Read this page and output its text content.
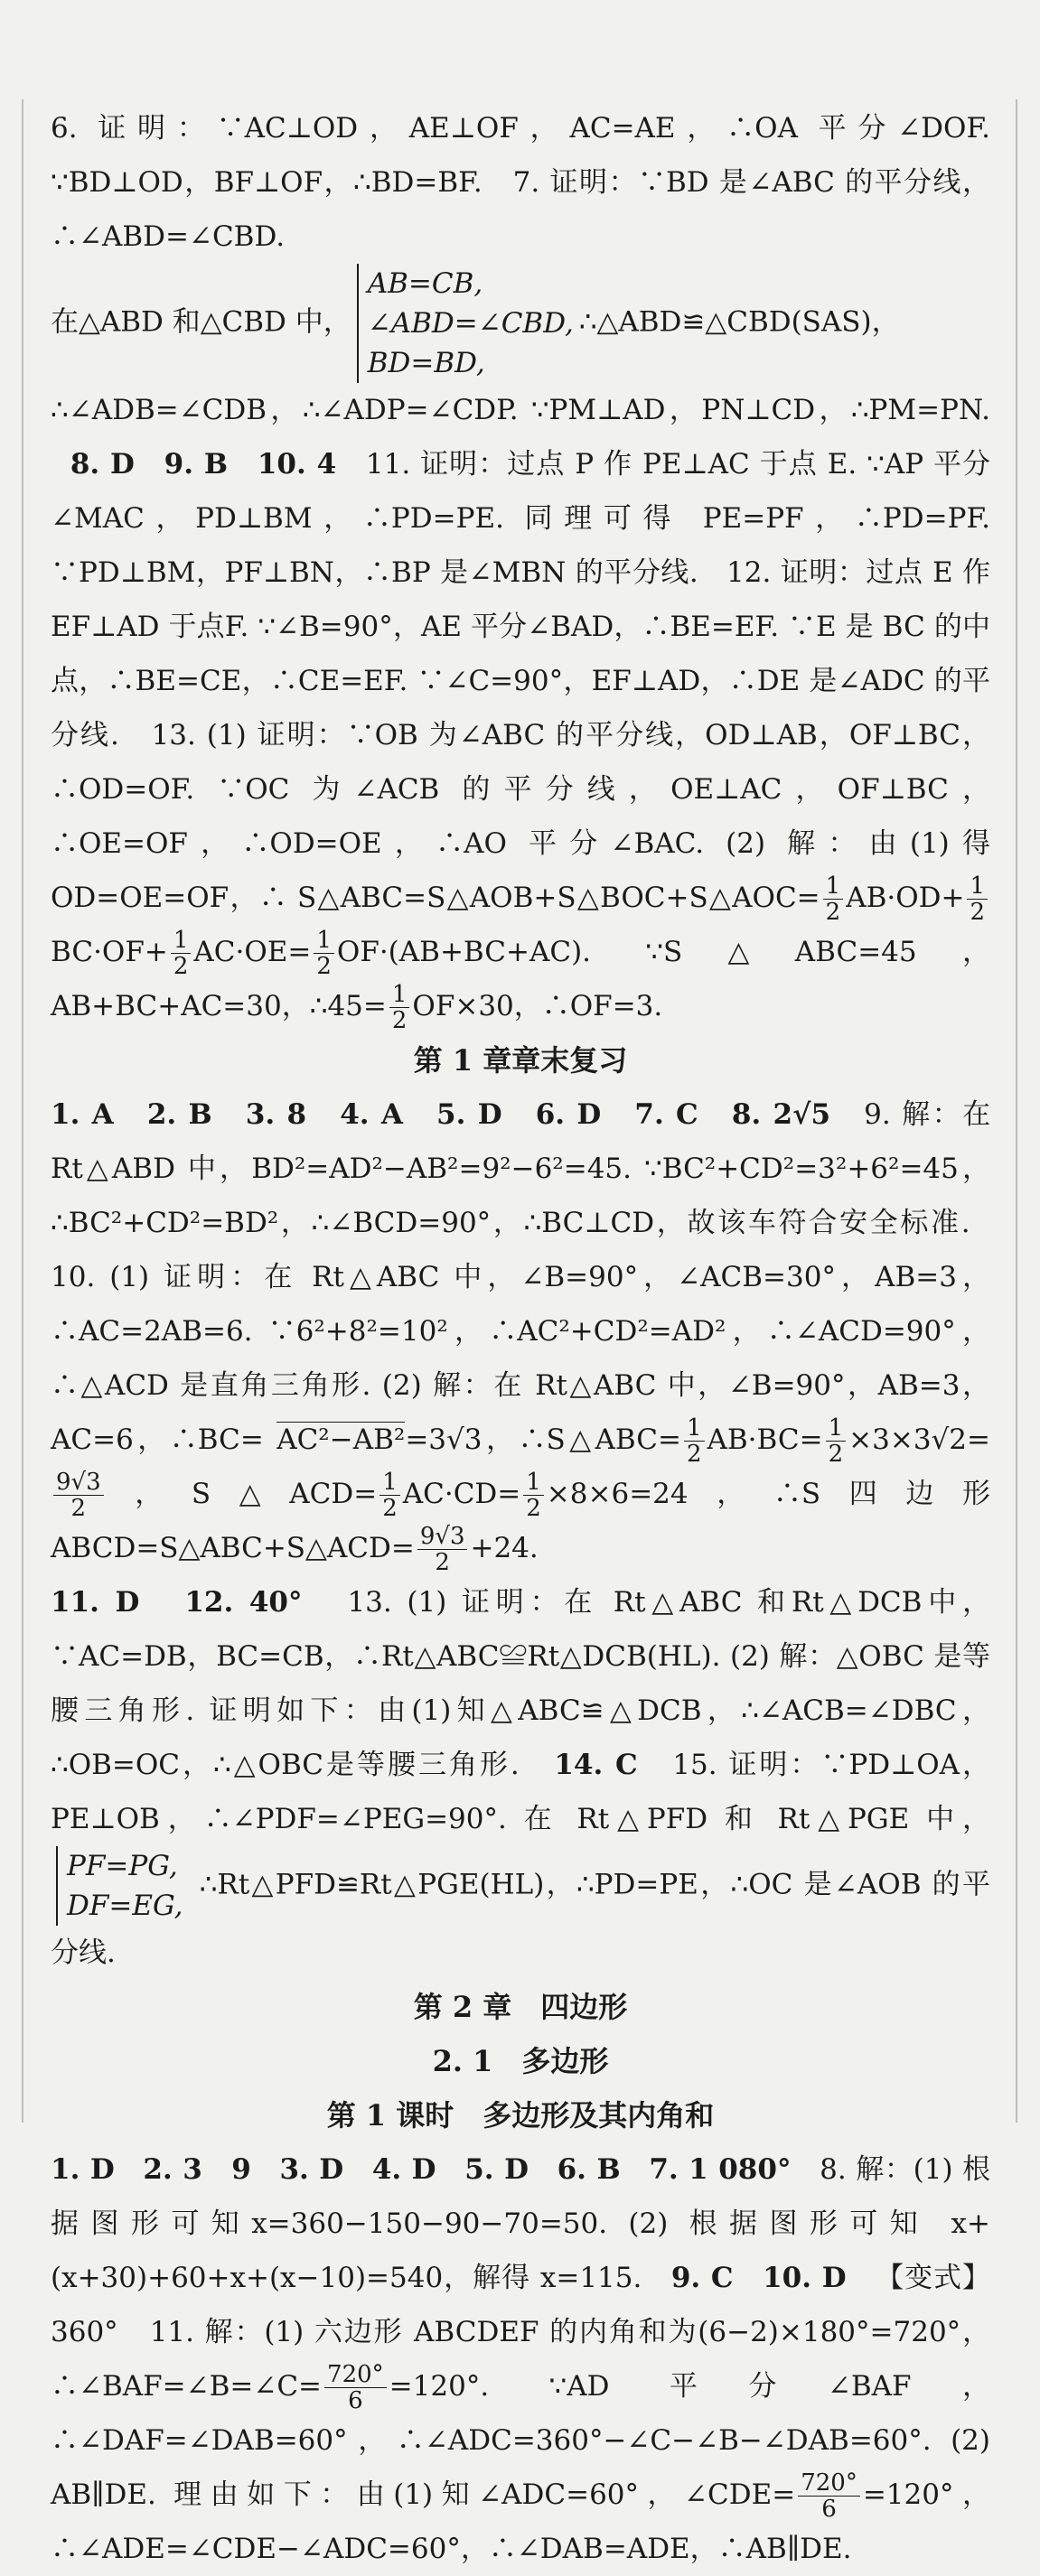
6. 证明：∵AC⊥OD，AE⊥OF，AC=AE，∴OA 平分∠DOF. ∵BD⊥OD，BF⊥OF，∴BD=BF. 7. 证明：∵BD 是∠ABC 的平分线，∴∠ABD=∠CBD.

在△ABD 和△CBD 中，
AB=CB,
∠ABD=∠CBD,
BD=BD,
∴△ABD≌△CBD(SAS)，

∴∠ADB=∠CDB，∴∠ADP=∠CDP. ∵PM⊥AD，PN⊥CD，∴PM=PN.   8. D 9. B 10. 4 11. 证明：过点 P 作 PE⊥AC 于点 E. ∵AP 平分∠MAC，PD⊥BM，∴PD=PE. 同理可得 PE=PF，∴PD=PF. ∵PD⊥BM，PF⊥BN，∴BP 是∠MBN 的平分线. 12. 证明：过点 E 作 EF⊥AD 于点F. ∵∠B=90°，AE 平分∠BAD，∴BE=EF. ∵E 是 BC 的中点，∴BE=CE，∴CE=EF. ∵∠C=90°，EF⊥AD，∴DE 是∠ADC 的平分线. 13. (1) 证明：∵OB 为∠ABC 的平分线，OD⊥AB，OF⊥BC，∴OD=OF. ∵OC 为∠ACB 的平分线，OE⊥AC，OF⊥BC，∴OE=OF，∴OD=OE，∴AO 平分∠BAC. (2) 解：由(1)得 OD=OE=OF，∴ S△ABC=S△AOB+S△BOC+S△AOC= $\frac{1}{2} AB\cdot OD+ \frac{1}{2}$
$BC\cdot OF+ \frac{1}{2} AC\cdot OE= \frac{1}{2} OF\cdot(AB+BC+AC)$. ∵S△ABC=45，AB+BC+AC=30，∴45= $\frac{1}{2} OF\times 30$，∴OF=3.

第 1 章章末复习

1. A 2. B 3. 8 4. A 5. D 6. D 7. C 8. 2√5 9. 解：在 Rt△ABD 中，BD²=AD²−AB²=9²−6²=45. ∵BC²+CD²=3²+6²=45，∴BC²+CD²=BD²，∴∠BCD=90°，∴BC⊥CD，故该车符合安全标准.   10. (1) 证明：在 Rt△ABC 中，∠B=90°，∠ACB=30°，AB=3，∴AC=2AB=6. ∵6²+8²=10²，∴AC²+CD²=AD²，∴∠ACD=90°，∴△ACD 是直角三角形. (2) 解：在 Rt△ABC 中，∠B=90°，AB=3，AC=6，∴BC= AC²−AB²=3√3，∴S△ABC= $\frac{1}{2} AB\cdot BC= \frac{1}{2} \times 3\times 3√2=$
$\frac{9√3}{2}$ ，S△ACD= $\frac{1}{2} AC\cdot CD= \frac{1}{2} \times 8\times 6=24$，∴S四边形ABCD=S△ABC+S△ACD= $\frac{9√3}{2} +24$.

11. D 12. 40° 13. (1) 证明：在 Rt△ABC 和Rt△DCB中，∵AC=DB，BC=CB，∴Rt△ABC≌Rt△DCB(HL). (2) 解：△OBC 是等腰三角形. 证明如下：由(1)知△ABC≌△DCB，∴∠ACB=∠DBC，∴OB=OC，∴△OBC是等腰三角形. 14. C 15. 证明：∵PD⊥OA，PE⊥OB，∴∠PDF=∠PEG=90°. 在 Rt△PFD 和 Rt△PGE 中，
PF=PG,
DF=EG,
∴Rt△PFD≌Rt△PGE(HL)，∴PD=PE，∴OC 是∠AOB 的平分线.

第 2 章　四边形

2. 1　多边形

第 1 课时　多边形及其内角和

1. D 2. 3　9 3. D 4. D 5. D 6. B 7. 1 080° 8. 解：(1) 根据图形可知x=360−150−90−70=50. (2) 根据图形可知 x+(x+30)+60+x+(x−10)=540，解得 x=115. 9. C 10. D 【变式】360° 11. 解：(1) 六边形 ABCDEF 的内角和为(6−2)×180°=720°，∴∠BAF=∠B=∠C= $\frac{720^\circ}{6} =120^\circ$. ∵AD 平分∠BAF，∴∠DAF=∠DAB=60°，∴∠ADC=360°−∠C−∠B−∠DAB=60°. (2) AB∥DE. 理由如下：由(1)知∠ADC=60°，∠CDE= $\frac{720^\circ}{6} =120^\circ$，∴∠ADE=∠CDE−∠ADC=60°，∴∠DAB=ADE，∴AB∥DE.
